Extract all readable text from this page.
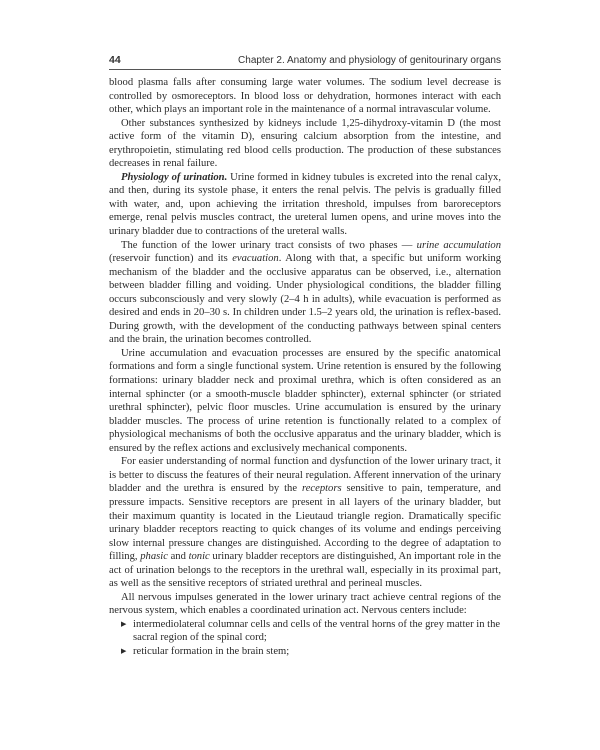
44	Chapter 2. Anatomy and physiology of genitourinary organs

blood plasma falls after consuming large water volumes. The sodium level decrease is controlled by osmoreceptors. In blood loss or dehydration, hormones interact with each other, which plays an important role in the maintenance of a normal intravascular volume.

Other substances synthesized by kidneys include 1,25-dihydroxy-vitamin D (the most active form of the vitamin D), ensuring calcium absorption from the intestine, and erythropoietin, stimulating red blood cells production. The production of these substances decreases in renal failure.

Physiology of urination. Urine formed in kidney tubules is excreted into the renal calyx, and then, during its systole phase, it enters the renal pelvis. The pelvis is gradually filled with water, and, upon achieving the irritation threshold, impulses from baroreceptors emerge, renal pelvis muscles contract, the ureteral lumen opens, and urine moves into the urinary bladder due to contractions of the ureteral walls.

The function of the lower urinary tract consists of two phases — urine accumulation (reservoir function) and its evacuation. Along with that, a specific but uniform working mechanism of the bladder and the occlusive apparatus can be observed, i.e., alternation between bladder filling and voiding. Under physiological conditions, the bladder filling occurs subconsciously and very slowly (2–4 h in adults), while evacuation is performed as desired and ends in 20–30 s. In children under 1.5–2 years old, the urination is reflex-based. During growth, with the development of the conducting pathways between spinal centers and the brain, the urination becomes controlled.

Urine accumulation and evacuation processes are ensured by the specific anatomical formations and form a single functional system. Urine retention is ensured by the following formations: urinary bladder neck and proximal urethra, which is often considered as an internal sphincter (or a smooth-muscle bladder sphincter), external sphincter (or striated urethral sphincter), pelvic floor muscles. Urine accumulation is ensured by the urinary bladder muscles. The process of urine retention is functionally related to a complex of physiological mechanisms of both the occlusive apparatus and the urinary bladder, which is ensured by the reflex actions and exclusively mechanical components.

For easier understanding of normal function and dysfunction of the lower urinary tract, it is better to discuss the features of their neural regulation. Afferent innervation of the urinary bladder and the urethra is ensured by the receptors sensitive to pain, temperature, and pressure impacts. Sensitive receptors are present in all layers of the urinary bladder, but their maximum quantity is located in the Lieutaud triangle region. Dramatically specific urinary bladder receptors reacting to quick changes of its volume and endings perceiving slow internal pressure changes are distinguished. According to the degree of adaptation to filling, phasic and tonic urinary bladder receptors are distinguished, An important role in the act of urination belongs to the receptors in the urethral wall, especially in its proximal part, as well as the sensitive receptors of striated urethral and perineal muscles.

All nervous impulses generated in the lower urinary tract achieve central regions of the nervous system, which enables a coordinated urination act. Nervous centers include:

▶ intermediolateral columnar cells and cells of the ventral horns of the grey matter in the sacral region of the spinal cord;
▶ reticular formation in the brain stem;
